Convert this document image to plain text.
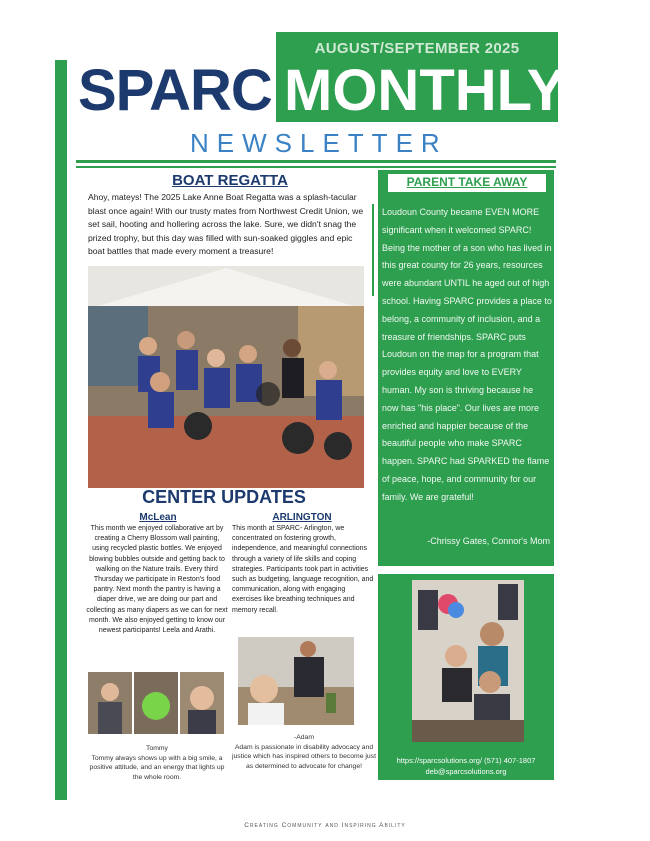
AUGUST/SEPTEMBER 2025
SPARC MONTHLY
NEWSLETTER
BOAT REGATTA
Ahoy, mateys! The 2025 Lake Anne Boat Regatta was a splash-tacular blast once again! With our trusty mates from Northwest Credit Union, we set sail, hooting and hollering across the lake. Sure, we didn't snag the prized trophy, but this day was filled with sun-soaked giggles and epic boat battles that made every moment a treasure!
CENTER UPDATES
McLean	ARLINGTON
This month we enjoyed collaborative art by creating a Cherry Blossom wall painting, using recycled plastic bottles. We enjoyed blowing bubbles outside and getting back to walking on the Nature trails. Every third Thursday we participate in Reston's food pantry. Next month the pantry is having a diaper drive, we are doing our part and collecting as many diapers as we can for next month. We also enjoyed getting to know our newest participants! Leela and Arathi.
This month at SPARC- Arlington, we concentrated on fostering growth, independence, and meaningful connections through a variety of life skills and coping strategies. Participants took part in activities such as budgeting, language recognition, and communication, along with engaging exercises like breathing techniques and memory recall.
Tommy
Tommy always shows up with a big smile, a positive attitude, and an energy that lights up the whole room.
-Adam
Adam is passionate in disability advocacy and justice which has inspired others to become just as determined to advocate for change!
PARENT TAKE AWAY
Loudoun County became EVEN MORE significant when it welcomed SPARC! Being the mother of a son who has lived in this great county for 26 years, resources were abundant UNTIL he aged out of high school. Having SPARC provides a place to belong, a community of inclusion, and a treasure of friendships. SPARC puts Loudoun on the map for a program that provides equity and love to EVERY human. My son is thriving because he now has "his place". Our lives are more enriched and happier because of the beautiful people who make SPARC happen. SPARC had SPARKED the flame of peace, hope, and community for our family. We are grateful!
-Chrissy Gates, Connor's Mom
https://sparcsolutions.org/ (571) 407-1807
deb@sparcsolutions.org
Creating Community and Inspiring Ability
